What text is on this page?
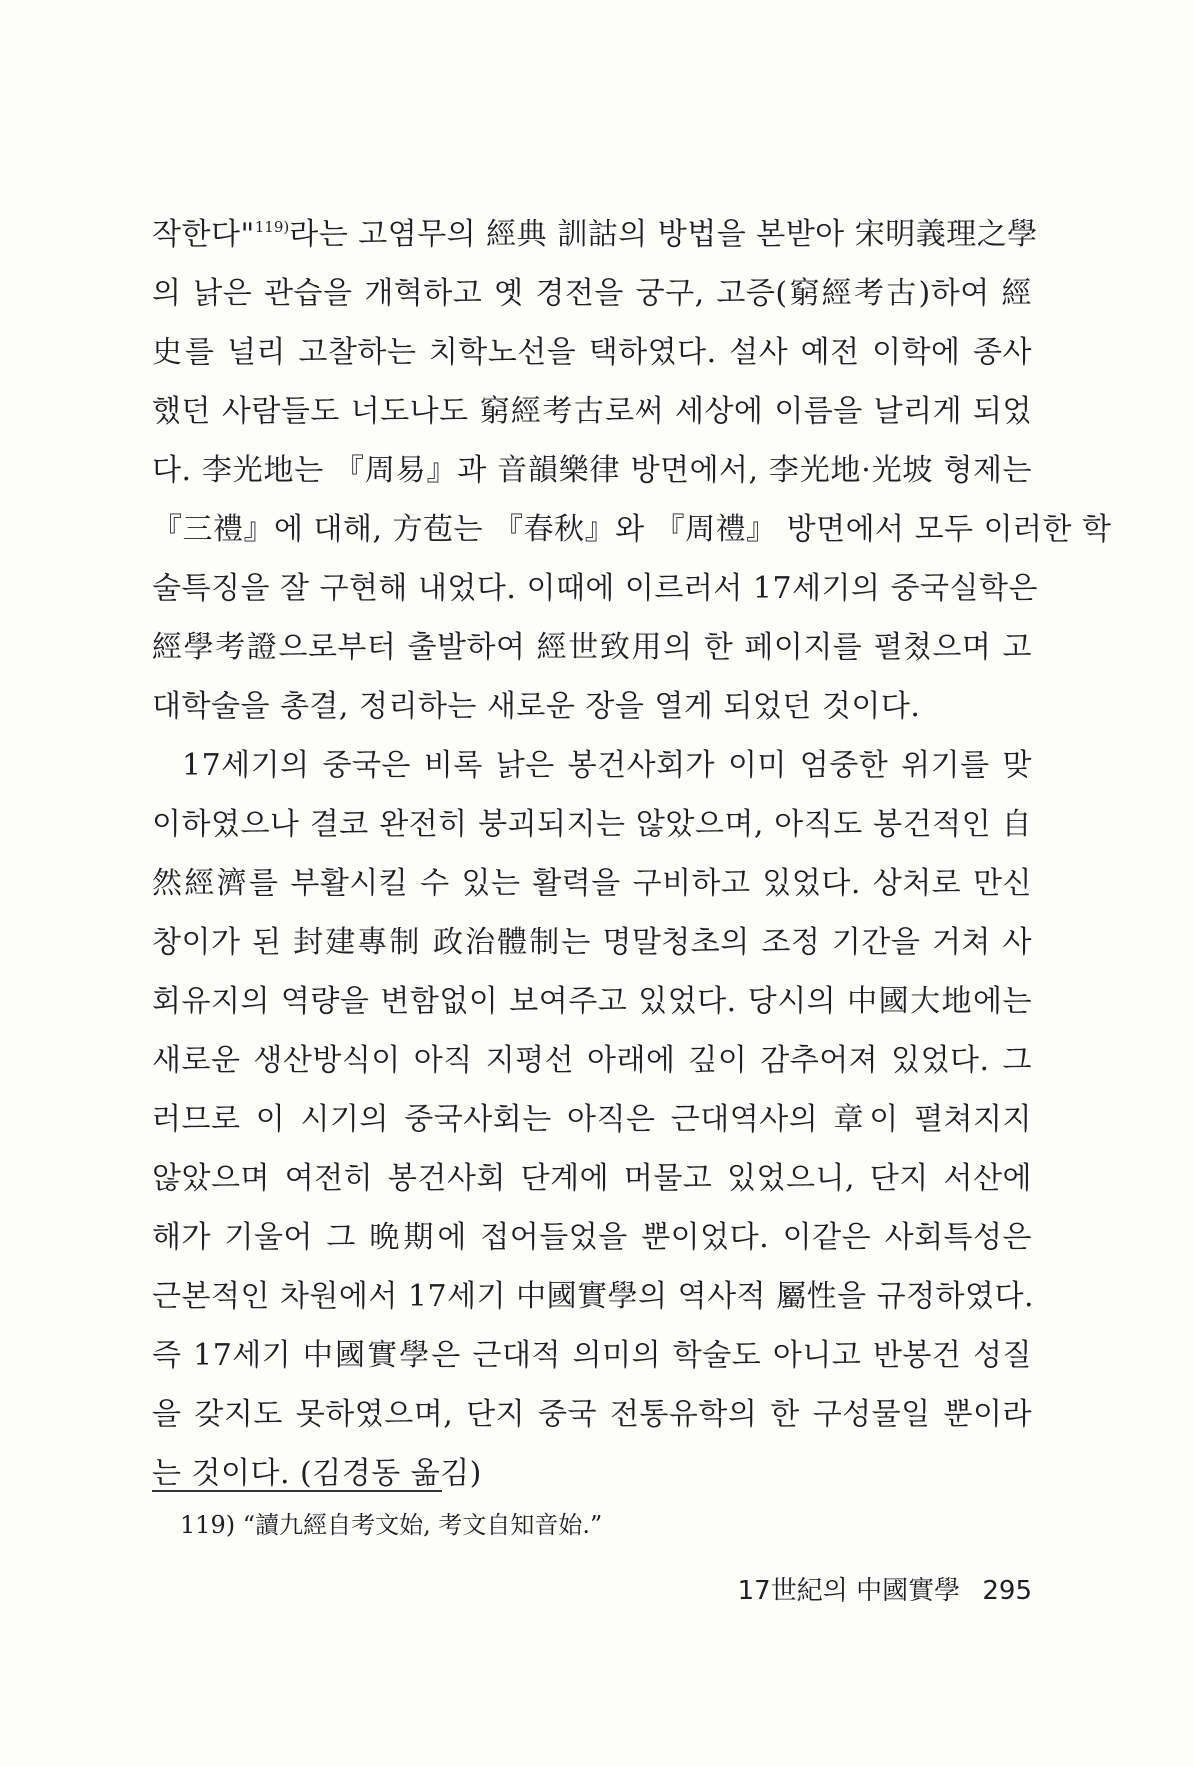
작한다"$^{119)}$라는 고염무의 經典 訓詁의 방법을 본받아 宋明義理之學
의 낡은 관습을 개혁하고 옛 경전을 궁구, 고증(窮經考古)하여 經
史를 널리 고찰하는 치학노선을 택하였다. 설사 예전 이학에 종사
했던 사람들도 너도나도 窮經考古로써 세상에 이름을 날리게 되었
다. 李光地는 『周易』과 音韻樂律 방면에서, 李光地·光坡 형제는
『三禮』에 대해, 方苞는 『春秋』와 『周禮』 방면에서 모두 이러한 학
술특징을 잘 구현해 내었다. 이때에 이르러서 17세기의 중국실학은
經學考證으로부터 출발하여 經世致用의 한 페이지를 펼쳤으며 고
대학술을 총결, 정리하는 새로운 장을 열게 되었던 것이다.
17세기의 중국은 비록 낡은 봉건사회가 이미 엄중한 위기를 맞
이하였으나 결코 완전히 붕괴되지는 않았으며, 아직도 봉건적인 自
然經濟를 부활시킬 수 있는 활력을 구비하고 있었다. 상처로 만신
창이가 된 封建專制 政治體制는 명말청초의 조정 기간을 거쳐 사
회유지의 역량을 변함없이 보여주고 있었다. 당시의 中國大地에는
새로운 생산방식이 아직 지평선 아래에 깊이 감추어져 있었다. 그
러므로 이 시기의 중국사회는 아직은 근대역사의 章이 펼쳐지지
않았으며 여전히 봉건사회 단계에 머물고 있었으니, 단지 서산에
해가 기울어 그 晩期에 접어들었을 뿐이었다. 이같은 사회특성은
근본적인 차원에서 17세기 中國實學의 역사적 屬性을 규정하였다.
즉 17세기 中國實學은 근대적 의미의 학술도 아니고 반봉건 성질
을 갖지도 못하였으며, 단지 중국 전통유학의 한 구성물일 뿐이라
는 것이다. (김경동 옮김)
119) “讀九經自考文始, 考文自知音始.”
17世紀의 中國實學 295
